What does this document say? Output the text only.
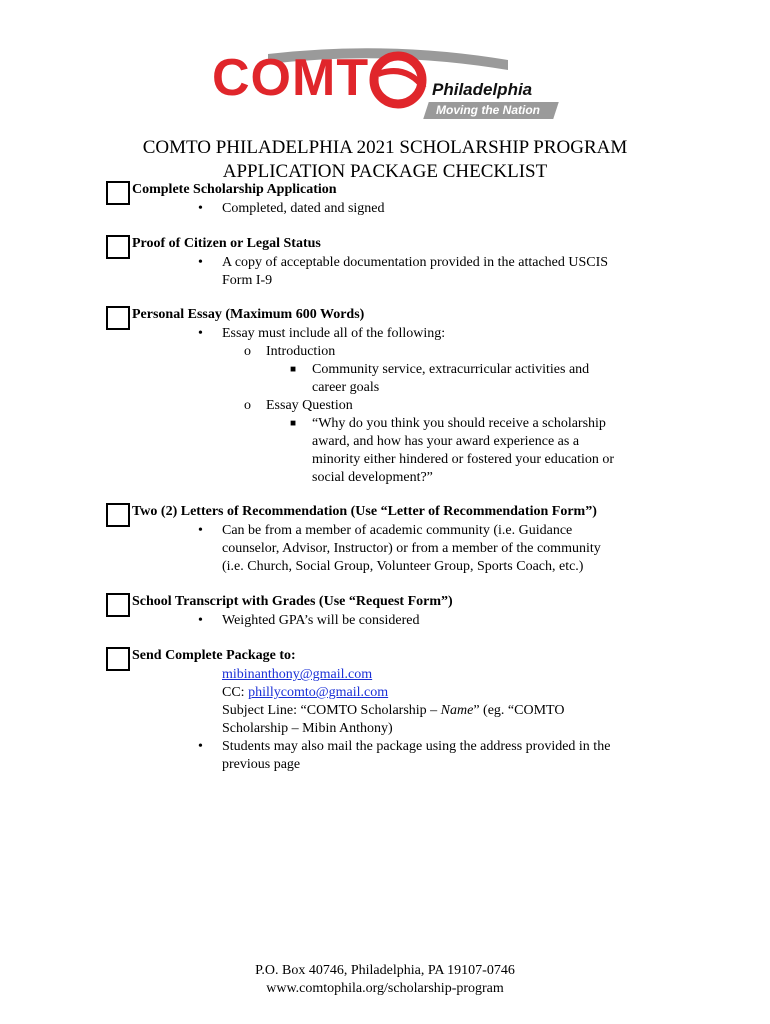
COMT	Philadelphia
Moving the Nation
COMTO PHILADELPHIA 2021 SCHOLARSHIP PROGRAM
APPLICATION PACKAGE CHECKLIST
Complete Scholarship Application
• Completed, dated and signed
Proof of Citizen or Legal Status
• A copy of acceptable documentation provided in the attached USCIS
Form I-9
Personal Essay (Maximum 600 Words)
• Essay must include all of the following:
o Introduction
■ Community service, extracurricular activities and
career goals
o Essay Question
■ “Why do you think you should receive a scholarship
award, and how has your award experience as a
minority either hindered or fostered your education or
social development?”
Two (2) Letters of Recommendation (Use “Letter of Recommendation Form”)
• Can be from a member of academic community (i.e. Guidance
counselor, Advisor, Instructor) or from a member of the community
(i.e. Church, Social Group, Volunteer Group, Sports Coach, etc.)
School Transcript with Grades (Use “Request Form”)
• Weighted GPA’s will be considered
Send Complete Package to:
mibinanthony@gmail.com
CC: phillycomto@gmail.com
Subject Line: “COMTO Scholarship – Name” (eg. “COMTO
Scholarship – Mibin Anthony)
• Students may also mail the package using the address provided in the
previous page
P.O. Box 40746, Philadelphia, PA 19107-0746
www.comtophila.org/scholarship-program
